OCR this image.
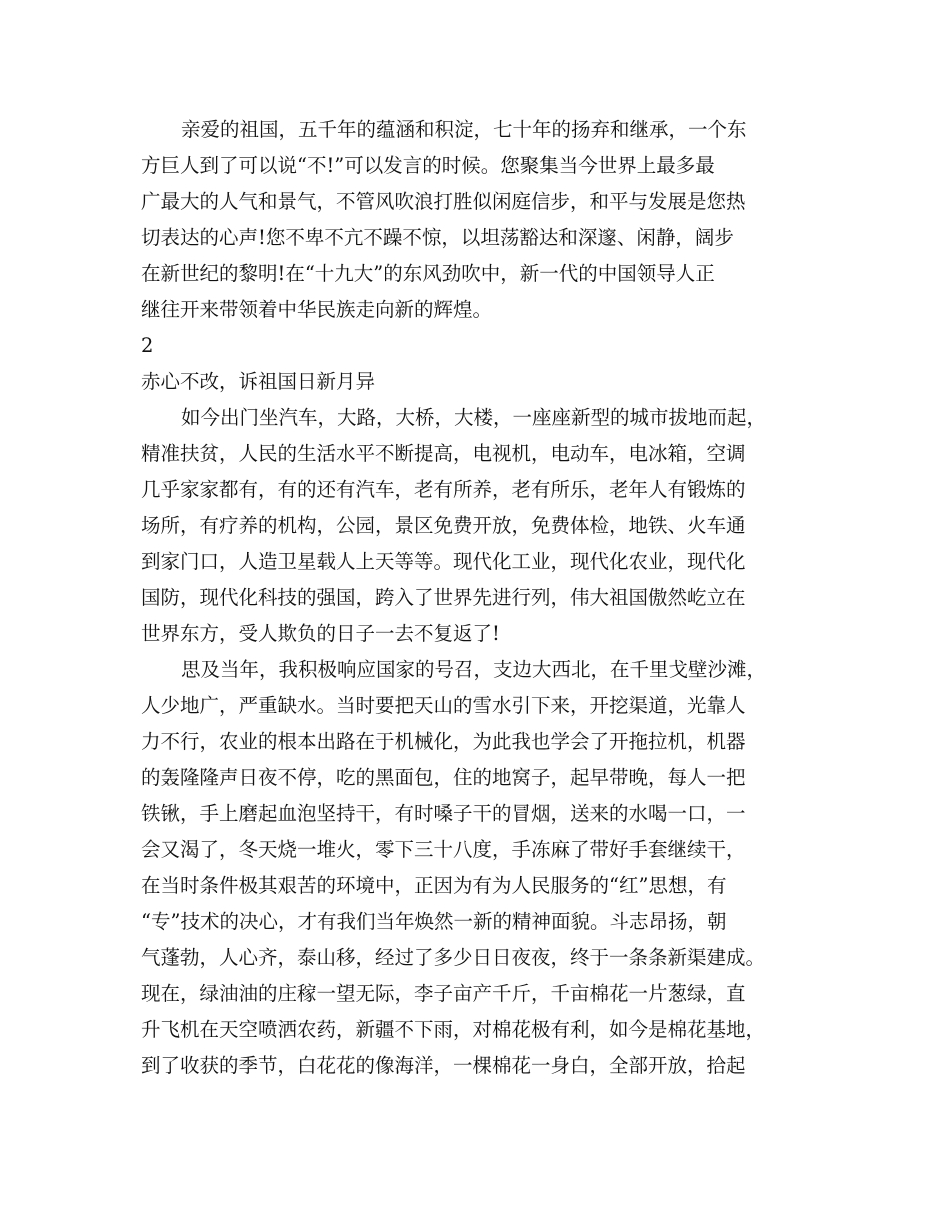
亲爱的祖国，五千年的蕴涵和积淀，七十年的扬弃和继承，一个东
方巨人到了可以说“不!”可以发言的时候。您聚集当今世界上最多最
广最大的人气和景气，不管风吹浪打胜似闲庭信步，和平与发展是您热
切表达的心声!您不卑不亢不躁不惊，以坦荡豁达和深邃、闲静，阔步
在新世纪的黎明!在“十九大”的东风劲吹中，新一代的中国领导人正
继往开来带领着中华民族走向新的辉煌。
2
赤心不改，诉祖国日新月异
如今出门坐汽车，大路，大桥，大楼，一座座新型的城市拔地而起，
精准扶贫，人民的生活水平不断提高，电视机，电动车，电冰箱，空调
几乎家家都有，有的还有汽车，老有所养，老有所乐，老年人有锻炼的
场所，有疗养的机构，公园，景区免费开放，免费体检，地铁、火车通
到家门口，人造卫星载人上天等等。现代化工业，现代化农业，现代化
国防，现代化科技的强国，跨入了世界先进行列，伟大祖国傲然屹立在
世界东方，受人欺负的日子一去不复返了!
思及当年，我积极响应国家的号召，支边大西北，在千里戈壁沙滩，
人少地广，严重缺水。当时要把天山的雪水引下来，开挖渠道，光靠人
力不行，农业的根本出路在于机械化，为此我也学会了开拖拉机，机器
的轰隆隆声日夜不停，吃的黑面包，住的地窝子，起早带晚，每人一把
铁锹，手上磨起血泡坚持干，有时嗓子干的冒烟，送来的水喝一口，一
会又渴了，冬天烧一堆火，零下三十八度，手冻麻了带好手套继续干，
在当时条件极其艰苦的环境中，正因为有为人民服务的“红”思想，有
“专”技术的决心，才有我们当年焕然一新的精神面貌。斗志昂扬，朝
气蓬勃，人心齐，泰山移，经过了多少日日夜夜，终于一条条新渠建成。
现在，绿油油的庄稼一望无际，李子亩产千斤，千亩棉花一片葱绿，直
升飞机在天空喷洒农药，新疆不下雨，对棉花极有利，如今是棉花基地，
到了收获的季节，白花花的像海洋，一棵棉花一身白，全部开放，拾起
